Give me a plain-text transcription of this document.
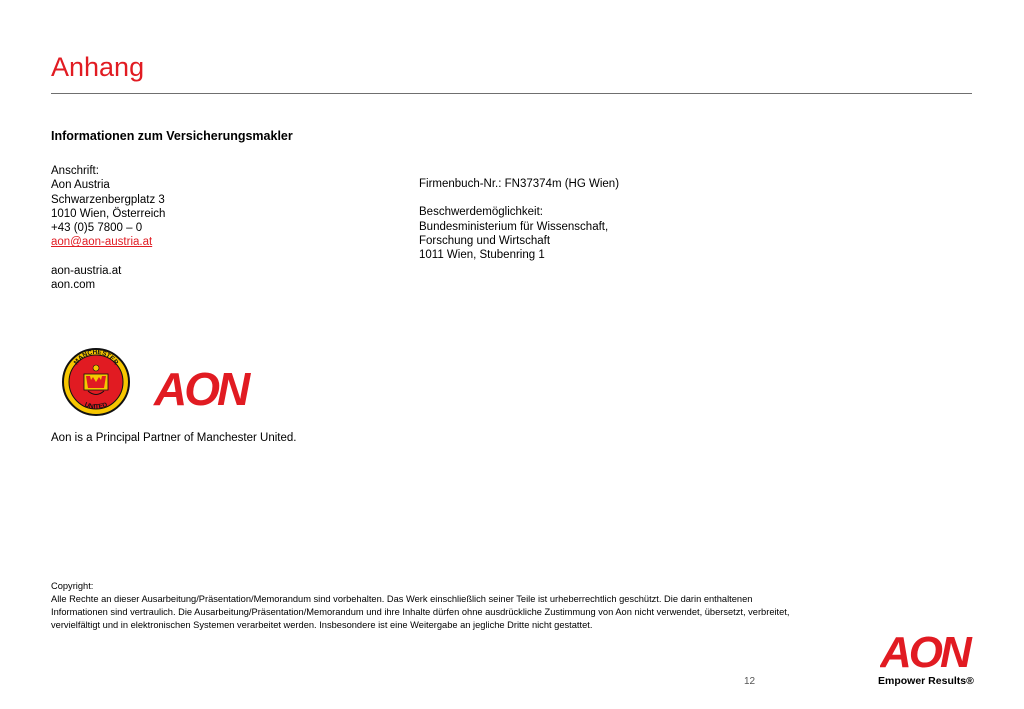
Anhang
Informationen zum Versicherungsmakler
Anschrift:
Aon Austria
Schwarzenbergplatz 3
1010 Wien, Österreich
+43 (0)5 7800 – 0
aon@aon-austria.at
aon-austria.at
aon.com
Firmenbuch-Nr.: FN37374m (HG Wien)
Beschwerdemöglichkeit:
Bundesministerium für Wissenschaft,
Forschung und Wirtschaft
1011 Wien, Stubenring 1
MANCHESTER
UNITED AON
Aon is a Principal Partner of Manchester United.
Copyright:
Alle Rechte an dieser Ausarbeitung/Präsentation/Memorandum sind vorbehalten. Das Werk einschließlich seiner Teile ist urheberrechtlich geschützt. Die darin enthaltenen
Informationen sind vertraulich. Die Ausarbeitung/Präsentation/Memorandum und ihre Inhalte dürfen ohne ausdrückliche Zustimmung von Aon nicht verwendet, übersetzt, verbreitet,
vervielfältigt und in elektronischen Systemen verarbeitet werden. Insbesondere ist eine Weitergabe an jegliche Dritte nicht gestattet.
12
AON
Empower Results®
